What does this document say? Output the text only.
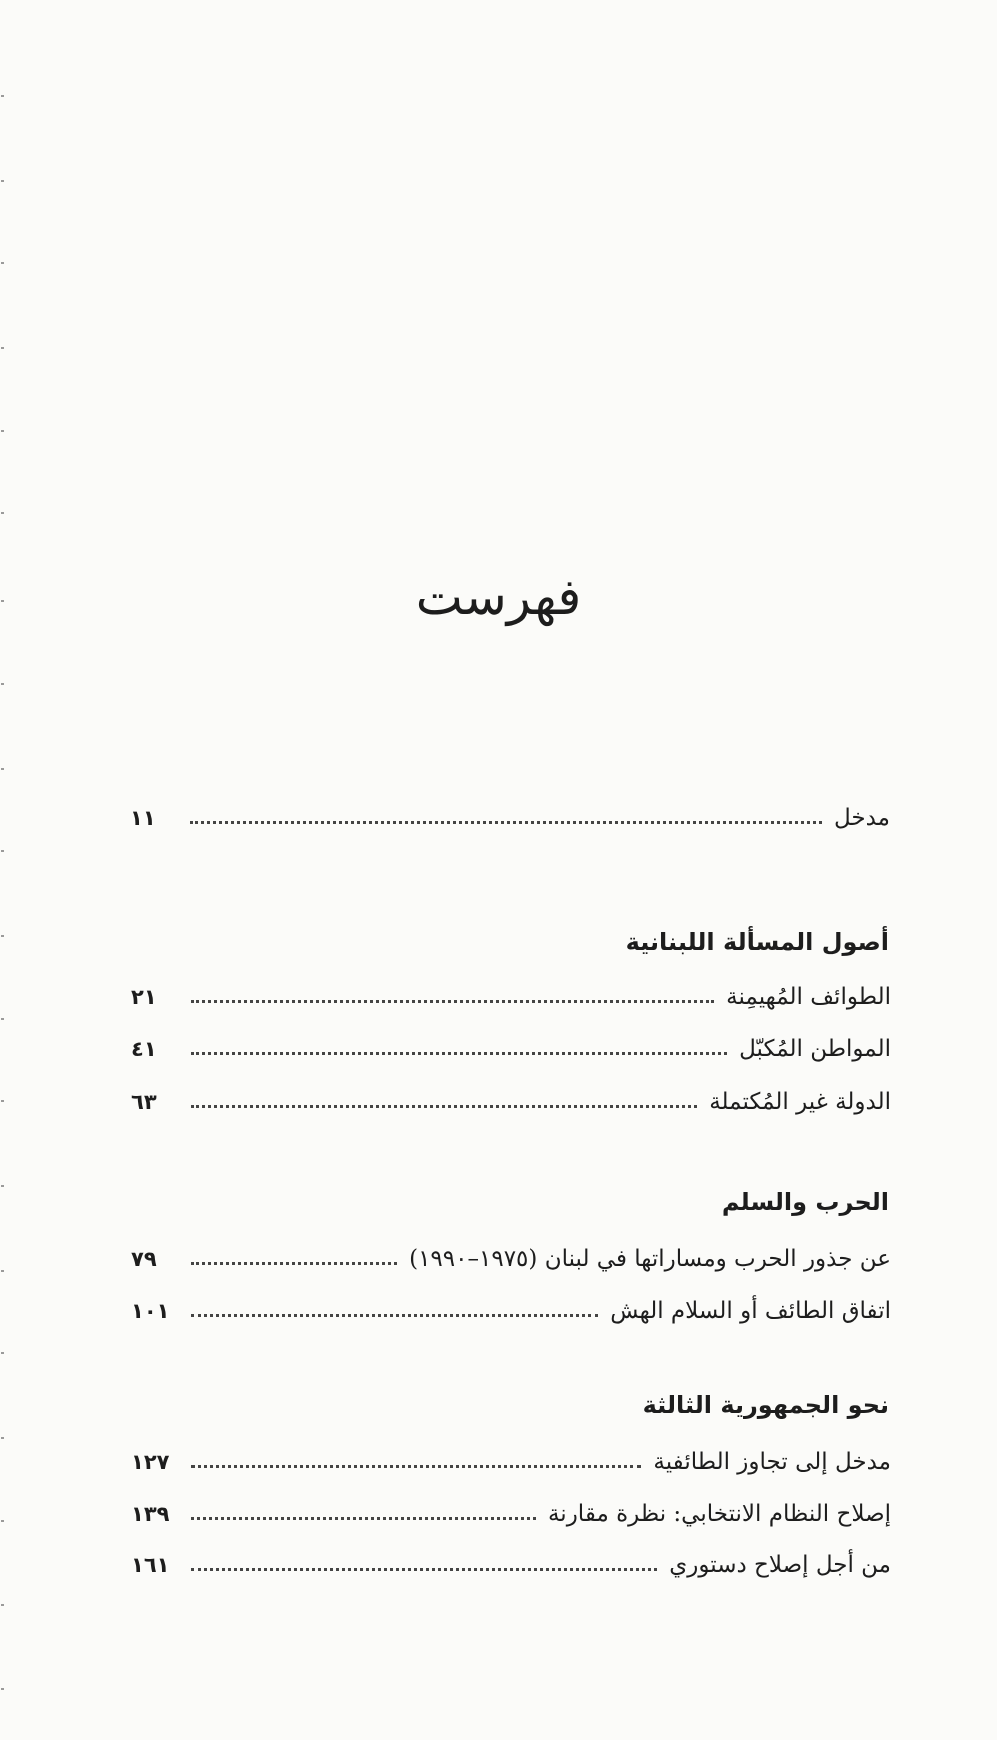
فهرست
مدخل
١١
أصول المسألة اللبنانية
الطوائف المُهيمِنة
٢١
المواطن المُكبّل
٤١
الدولة غير المُكتملة
٦٣
الحرب والسلم
عن جذور الحرب ومساراتها في لبنان (١٩٧٥–١٩٩٠)
٧٩
اتفاق الطائف أو السلام الهش
١٠١
نحو الجمهورية الثالثة
مدخل إلى تجاوز الطائفية
١٢٧
إصلاح النظام الانتخابي: نظرة مقارنة
١٣٩
من أجل إصلاح دستوري
١٦١
